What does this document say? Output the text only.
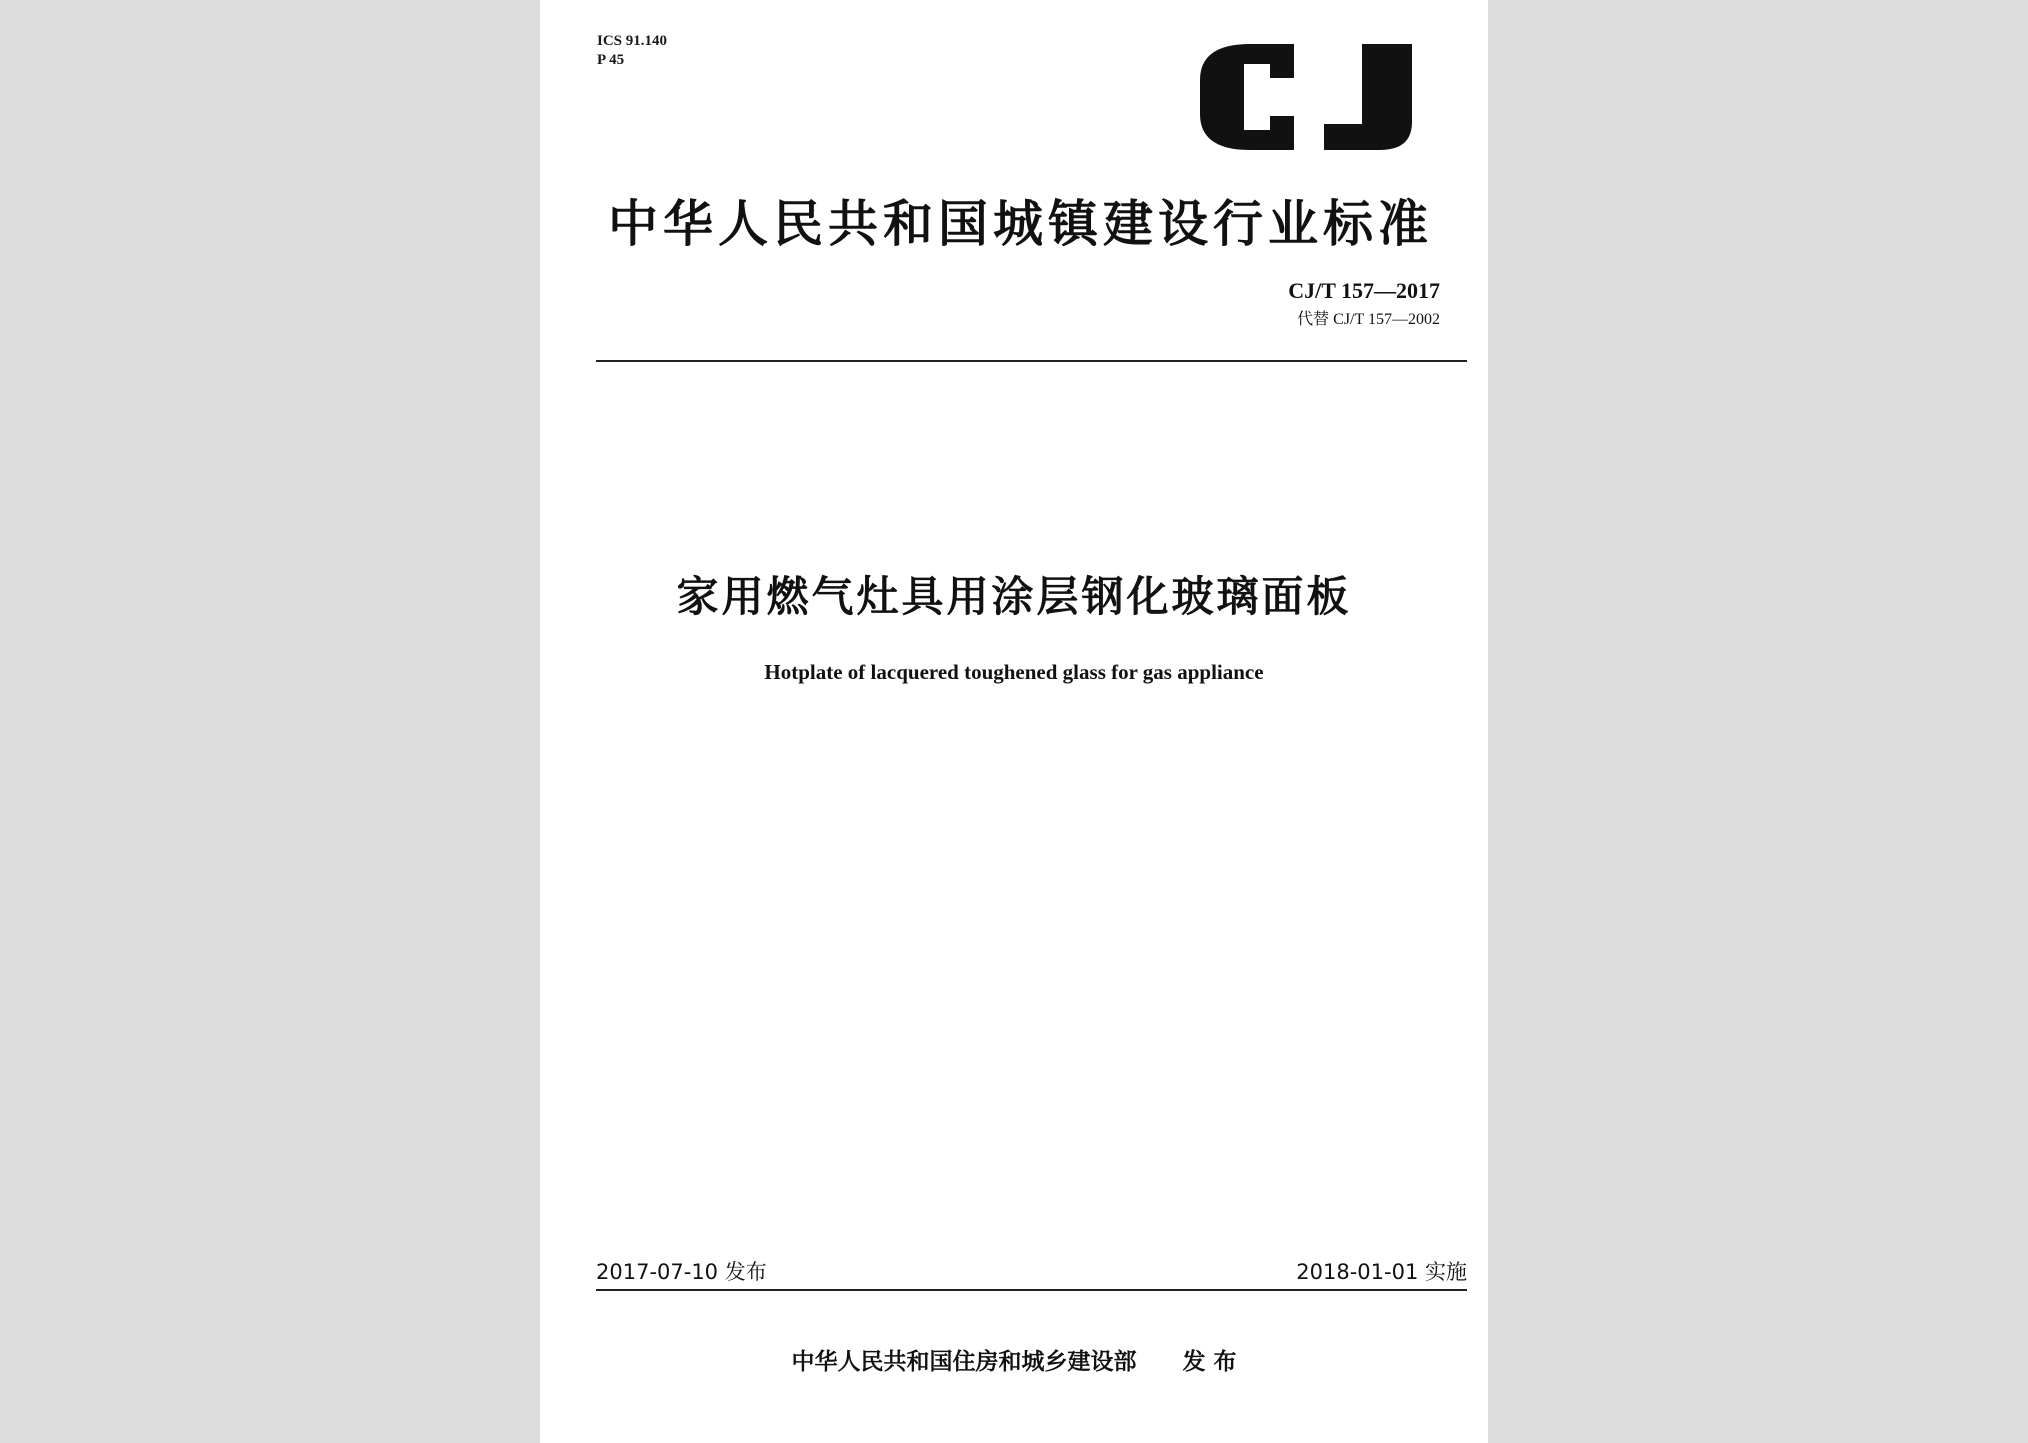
ICS 91.140
P 45
中华人民共和国城镇建设行业标准
CJ/T 157—2017
代替 CJ/T 157—2002
家用燃气灶具用涂层钢化玻璃面板
Hotplate of lacquered toughened glass for gas appliance
2017-07-10 发布	2018-01-01 实施
中华人民共和国住房和城乡建设部 发 布
